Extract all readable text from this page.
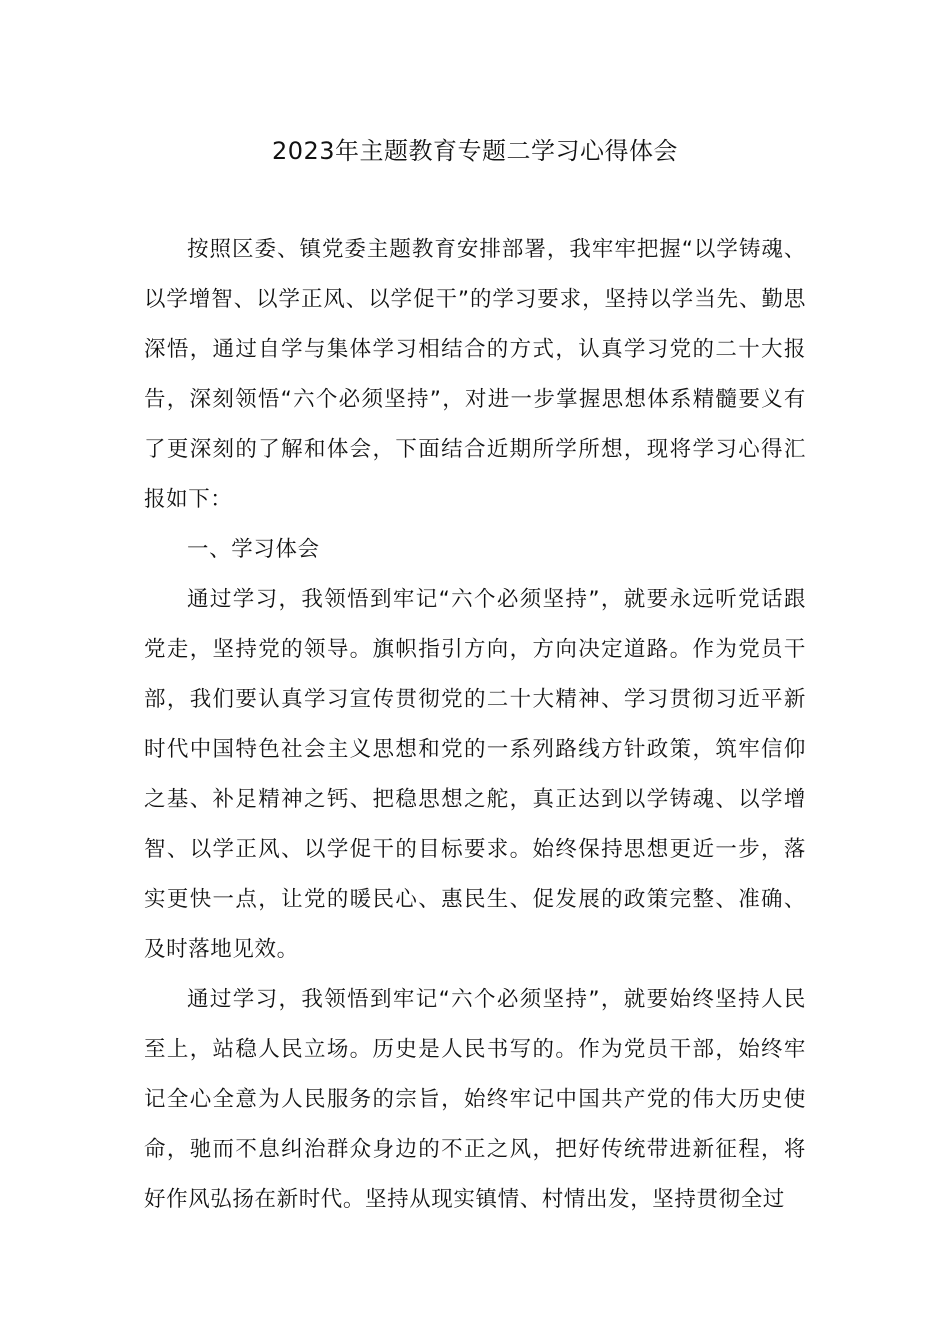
2023年主题教育专题二学习心得体会

按照区委、镇党委主题教育安排部署，我牢牢把握“以学铸魂、以学增智、以学正风、以学促干”的学习要求，坚持以学当先、勤思深悟，通过自学与集体学习相结合的方式，认真学习党的二十大报告，深刻领悟“六个必须坚持”，对进一步掌握思想体系精髓要义有了更深刻的了解和体会，下面结合近期所学所想，现将学习心得汇报如下：

一、学习体会

通过学习，我领悟到牢记“六个必须坚持”，就要永远听党话跟党走，坚持党的领导。旗帜指引方向，方向决定道路。作为党员干部，我们要认真学习宣传贯彻党的二十大精神、学习贯彻习近平新时代中国特色社会主义思想和党的一系列路线方针政策，筑牢信仰之基、补足精神之钙、把稳思想之舵，真正达到以学铸魂、以学增智、以学正风、以学促干的目标要求。始终保持思想更近一步，落实更快一点，让党的暖民心、惠民生、促发展的政策完整、准确、及时落地见效。

通过学习，我领悟到牢记“六个必须坚持”，就要始终坚持人民至上，站稳人民立场。历史是人民书写的。作为党员干部，始终牢记全心全意为人民服务的宗旨，始终牢记中国共产党的伟大历史使命，驰而不息纠治群众身边的不正之风，把好传统带进新征程，将好作风弘扬在新时代。坚持从现实镇情、村情出发，坚持贯彻全过
